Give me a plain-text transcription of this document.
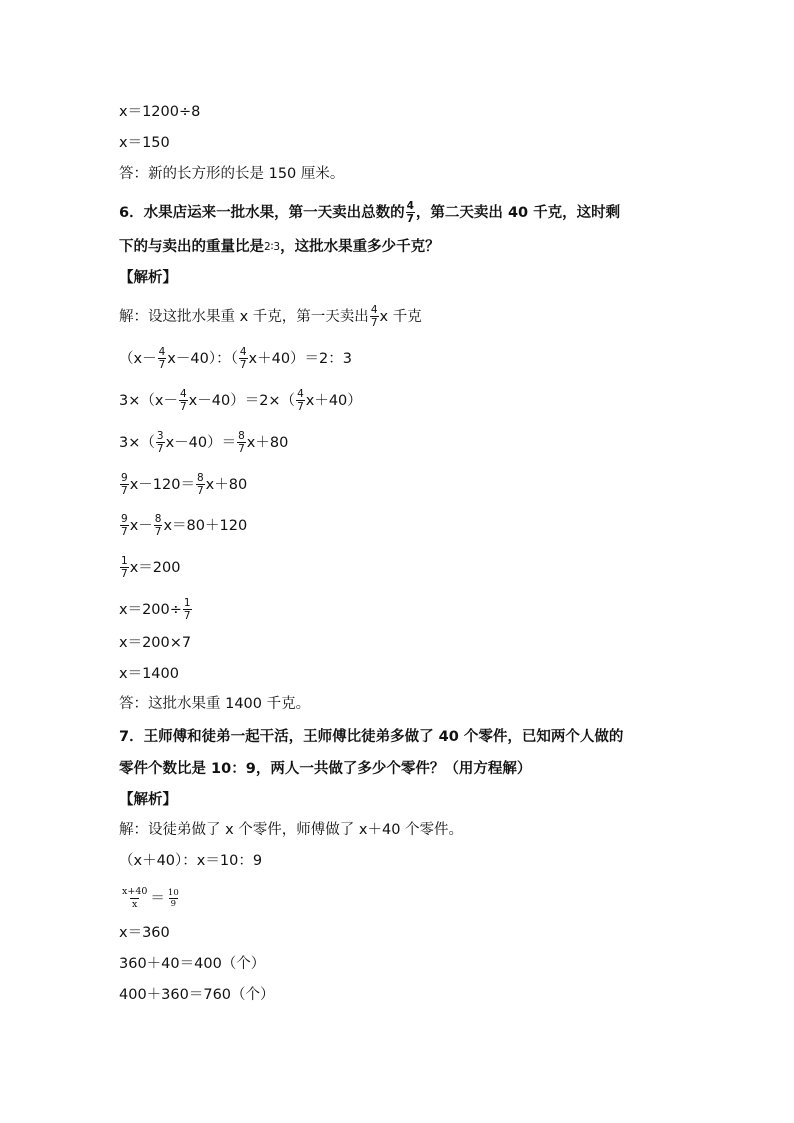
x＝1200÷8
x＝150
答：新的长方形的长是 150 厘米。
6．水果店运来一批水果，第一天卖出总数的 $\frac{4}{7}$ ，第二天卖出 40 千克，这时剩
下的与卖出的重量比是 2∶3 ，这批水果重多少千克？
【解析】
解：设这批水果重 x 千克，第一天卖出 $\frac{4}{7}$ x 千克
$(x- \frac{4}{7} x-40)$：（ $\frac{4}{7} x+40)=2$：3
$3\times(x- \frac{4}{7} x-40)=2\times( \frac{4}{7} x+40)$
$3\times( \frac{3}{7} x-40)= \frac{8}{7} x+80$
$\frac{9}{7} x-120= \frac{8}{7} x+80$
$\frac{9}{7} x- \frac{8}{7} x=80+120$
$\frac{1}{7} x=200$
$x=200\div \frac{1}{7}$
x＝200×7
x＝1400
答：这批水果重 1400 千克。
7．王师傅和徒弟一起干活，王师傅比徒弟多做了 40 个零件，已知两个人做的
零件个数比是 10：9，两人一共做了多少个零件？（用方程解）
【解析】
解：设徒弟做了 x 个零件，师傅做了 x＋40 个零件。
（x＋40）：x＝10：9
$\frac{x+40}{x} = \frac{10}{9}$
x＝360
360＋40＝400（个）
400＋360＝760（个）
